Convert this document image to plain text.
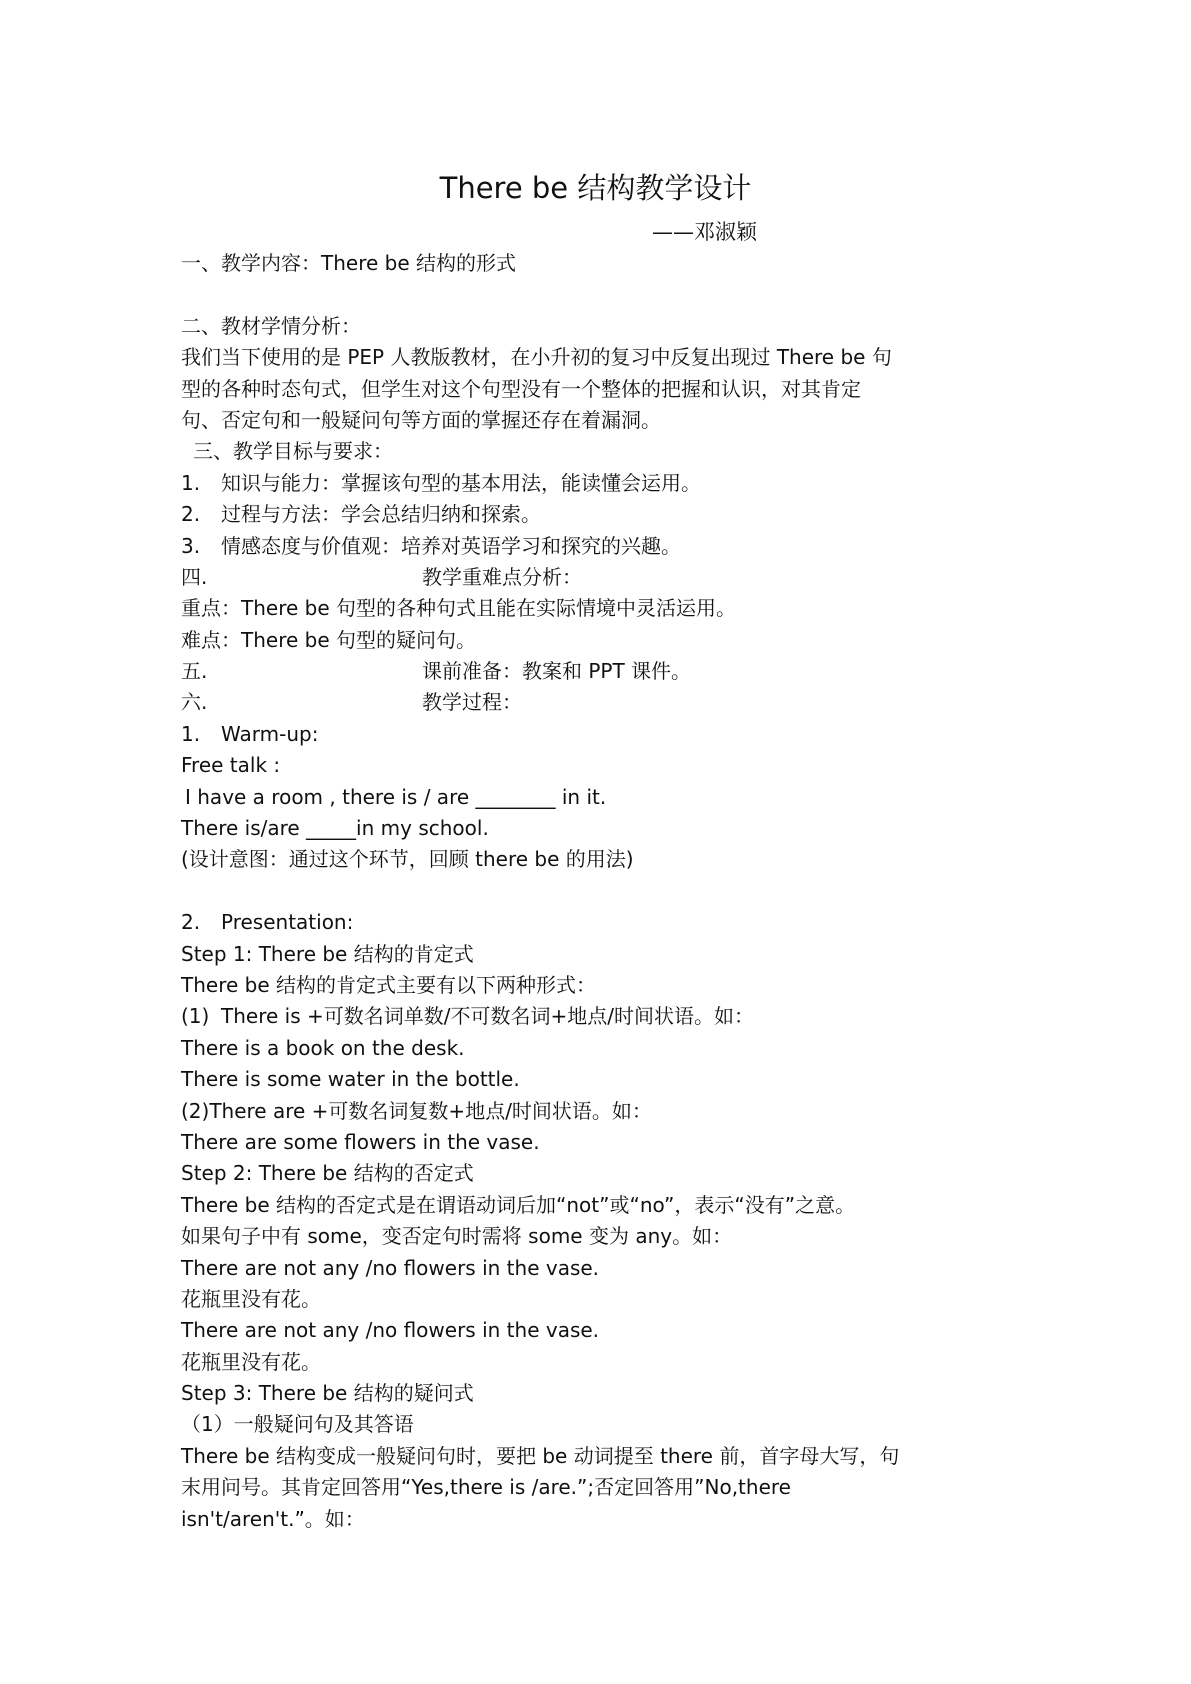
There be 结构教学设计
——邓淑颖
一、教学内容：There be 结构的形式
二、教材学情分析：
我们当下使用的是 PEP 人教版教材，在小升初的复习中反复出现过 There be 句
型的各种时态句式，但学生对这个句型没有一个整体的把握和认识，对其肯定
句、否定句和一般疑问句等方面的掌握还存在着漏洞。
三、教学目标与要求：
1. 知识与能力：掌握该句型的基本用法，能读懂会运用。
2. 过程与方法：学会总结归纳和探索。
3. 情感态度与价值观：培养对英语学习和探究的兴趣。
四.	教学重难点分析：
重点：There be 句型的各种句式且能在实际情境中灵活运用。
难点：There be 句型的疑问句。
五.	课前准备：教案和 PPT 课件。
六.	教学过程：
1. Warm-up:
Free talk :
I have a room , there is / are ________ in it.
There is/are _____in my school.
(设计意图：通过这个环节，回顾 there be 的用法)
2. Presentation:
Step 1: There be 结构的肯定式
There be 结构的肯定式主要有以下两种形式：
(1) There is +可数名词单数/不可数名词+地点/时间状语。如：
There is a book on the desk.
There is some water in the bottle.
(2)There are +可数名词复数+地点/时间状语。如：
There are some flowers in the vase.
Step 2: There be 结构的否定式
There be 结构的否定式是在谓语动词后加“not”或“no”，表示“没有”之意。
如果句子中有 some，变否定句时需将 some 变为 any。如：
There are not any /no flowers in the vase.
花瓶里没有花。
There are not any /no flowers in the vase.
花瓶里没有花。
Step 3: There be 结构的疑问式
（1）一般疑问句及其答语
There be 结构变成一般疑问句时，要把 be 动词提至 there 前，首字母大写，句
末用问号。其肯定回答用“Yes,there is /are.”;否定回答用”No,there
isn't/aren't.”。如：
